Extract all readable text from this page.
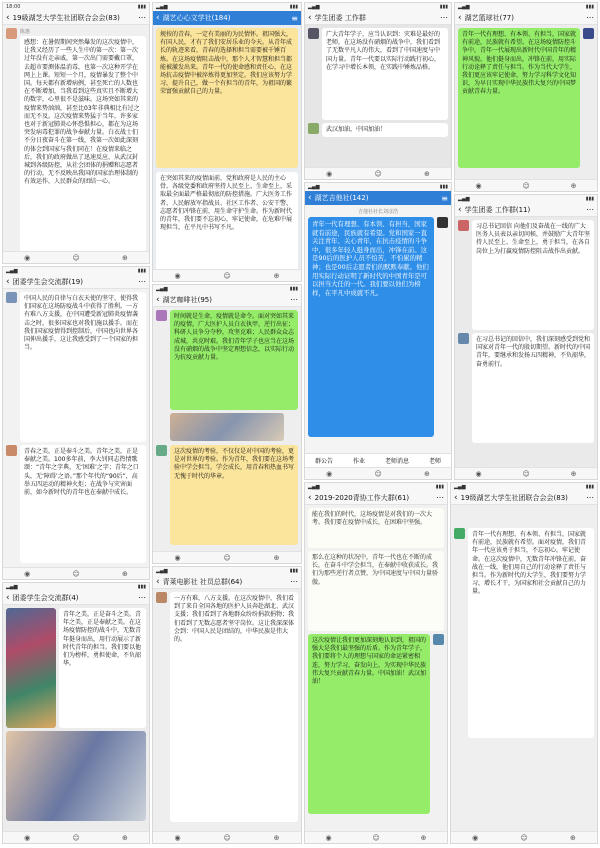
18:00	▮▮▮
‹ 19級湖芝大学生社团联合会会(83)	⋯
陈惠
感想：在暑假期间突然爆发的这次疫情中，让我又经历了一些人生中的第一次：第一次过年没有走亲戚，第一次出门需要戴口罩，去超市要测体温消毒，也第一次这种开学在网上上课。短短一个月，疫情暴发了整个中国。每天都有新增病例，甚至死亡的人数也在不断增加，当我看到这些真实且不断增大的数字，心里很不是滋味。这场突如其来的疫情来势汹汹，甚至比03年非典相比有过之而无不及。这次疫情来势猛于当年，许多家也对于新冠肺炎心怀恐惧担心，都在为这场突发病毒犯罪的战争奉献力量。白衣战士们不分日夜奋斗在第一线，我第一次如此深刻的体会到国家与我们同在！在疫情来临之后，我们的政府做出了迅速反应，从武汉封城到各级防控，从社会团体的捐赠和志愿者的行动，无不反映出我国的国家治理体制的有效运作，人民群众的团结一心。
◉	☺	⊕
▂▄▆	▮▮▮
‹ 湖艺心心文学社(184)	≡
规按的青春，一定有美丽的为民情怀。祖国强大，有国人民，才有了我们安居乐业的今天。从青年成长的轨迹来看，青春的选择和担当需要被千锤百炼。在这场疫情阻击战中，那个人才智慧和担当都能被激发出来。青年一代的使命感和责任心，在这场抗击疫情中被淬炼得更加坚定。我们应该努力学习，提升自己，做一个有担当的青年，为祖国的繁荣富强贡献自己的力量。
在突如其来的疫情面前，党和政府是人民的主心骨。各级党委和政府坚持人民至上、生命至上，采取最全面最严格最彻底的防控措施。广大医务工作者、人民解放军指战员、社区工作者、公安干警、志愿者们冲锋在前，用生命守护生命。作为新时代的青年，我们要不忘初心，牢记使命，在危难中展现担当，在平凡中书写不凡。
◉	☺	⊕
▂▄▆	▮▮▮
‹ 学生团委 工作群	⋯
广大青年学子，应当认识到：灾难是最好的老师，在这场没有硝烟的战争中，我们看到了无数平凡人的伟大，看到了中国速度与中国力量。青年一代要以实际行动践行初心，在学习中增长本领，在实践中锤炼品格。
武汉加油，中国加油！
◉	☺	⊕
▂▄▆	▮▮▮
‹ 湖艺篮球社(77)	⋯
青年一代有理想、有本领、有担当，国家就有前途，民族就有希望。在这场疫情防控斗争中，青年一代展现出新时代中国青年的精神风貌。他们挺身而出，冲锋在前，用实际行动诠释了责任与担当。作为当代大学生，我们更应该牢记使命，努力学习科学文化知识，为早日实现中华民族伟大复兴的中国梦贡献青春力量。
◉	☺	⊕
▂▄▆	▮▮▮
‹ 团委学生会交流群(19)	⋯
中国人民的自律与白衣天使的坚守，使得我们国家在这场防疫战斗中获得了胜利。一方有难八方支援，在中国遭受新冠肺炎疫情袭击之时，很多国家也对我们施以援手。而在我们国家疫情得到控制后，中国也向世界各国伸出援手，这让我感受到了一个国家的担当。
青春之美，正是奉斗之美。青年之美，正是奉献之美。100多年前，李大钊同志热情歌颂：“青年之字典，无‘困难’之字；青年之口头，无‘障碍’之语。”那个年代的“90后”，高举五四运动的精神火炬；在战争与灾害面前，如今新时代的青年也在奉献中成长。
◉	☺	⊕
▂▄▆	▮▮▮
‹ 湖艺咖啡社(95)	⋯
时间就是生命，疫情就是命令。面对突如其来的疫情，广大医护人员白衣执甲，逆行出征；科研人员争分夺秒，攻坚克难；人民群众众志成城，共克时艰。我们青年学子也应当在这场没有硝烟的战争中坚定理想信念，以实际行动为抗疫贡献力量。
这次疫情的考验，不仅仅是对中国的考验，更是对世界的考验。作为青年，我们要在这场考验中学会担当，学会成长，用青春和热血书写无愧于时代的华章。
◉	☺	⊕
▂▄▆	▮▮▮
‹ 湖艺吉他社(142)	≡
吉他社社长刘彦浩
青年一代有理想、有本领、有担当，国家就有前途，民族就有希望。党和国家一直关注青年、关心青年，在抗击疫情的斗争中，很多年轻人挺身而出，冲锋在前。这是90后的医护人员不怕苦，不怕累的精神；也是00后志愿者们的默默奉献。他们用实际行动证明了新时代的中国青年是可以担当大任的一代。我们要以他们为榜样，在平凡中成就不凡。
群公告	作业	老师消息	老师
◉	☺	⊕
▂▄▆	▮▮▮
‹ 学生团委 工作群(11)	⋯
习总书记回信 向他们及奋战在一线的广大医务人员表以亲切问候，并鼓励广大青年坚持人民至上、生命至上，勇于担当，在各自岗位上为打赢疫情防控阻击战作出贡献。
在习总书记的回信中，我们深刻感受到党和国家对青年一代的殷切期望。新时代的中国青年，要继承和发扬五四精神，不负韶华，奋勇前行。
◉	☺	⊕
▂▄▆	▮▮▮
‹ 2019-2020青协工作大群(61)	⋯
能在我们的时代，这场疫情是对我们的一次大考。我们要在疫情中成长，在困难中坚强。
那么在这种的状况中，青年一代也在不断的成长，在奋斗中学会担当，在奉献中收获成长。我们为那些逆行者点赞，为中国速度与中国力量骄傲。
这次疫情让我们更加深刻地认识到，祖国的强大是我们最坚强的后盾。作为青年学子，我们要将个人的理想与国家的命运紧密相连，努力学习，奋发向上，为实现中华民族伟大复兴贡献青春力量。中国加油！武汉加油！
◉	☺	⊕
▂▄▆	▮▮▮
‹ 团委学生会交流群(4)	⋯
青年之美，正是奋斗之美。青年之美，正是奉献之美。在这场疫情防控的战斗中，无数青年挺身而出，用行动展示了新时代青年的担当。我们要以他们为榜样，勇担使命，不负韶华。
◉	☺	⊕
▂▄▆	▮▮▮
‹ 青莱电影社 社员总群(64)	⋯
一方有难，八方支援。在这次疫情中，我们看到了来自全国各地的医护人员奔赴湖北、武汉支援；我们看到了各地群众纷纷捐款捐物；我们看到了无数志愿者坚守岗位。这让我深深体会到：中国人民是团结的，中华民族是伟大的。
◉	☺	⊕
▂▄▆	▮▮▮
‹ 19级湖艺大学生社团联合会会(83)	⋯
青年一代有理想、有本领、有担当，国家就有前途，民族就有希望。面对疫情，我们青年一代应该勇于担当，不忘初心，牢记使命。在这次疫情中，无数青年冲锋在前，奋战在一线，他们用自己的行动诠释了责任与担当。作为新时代的大学生，我们要努力学习，增长才干，为国家和社会贡献自己的力量。
◉	☺	⊕
